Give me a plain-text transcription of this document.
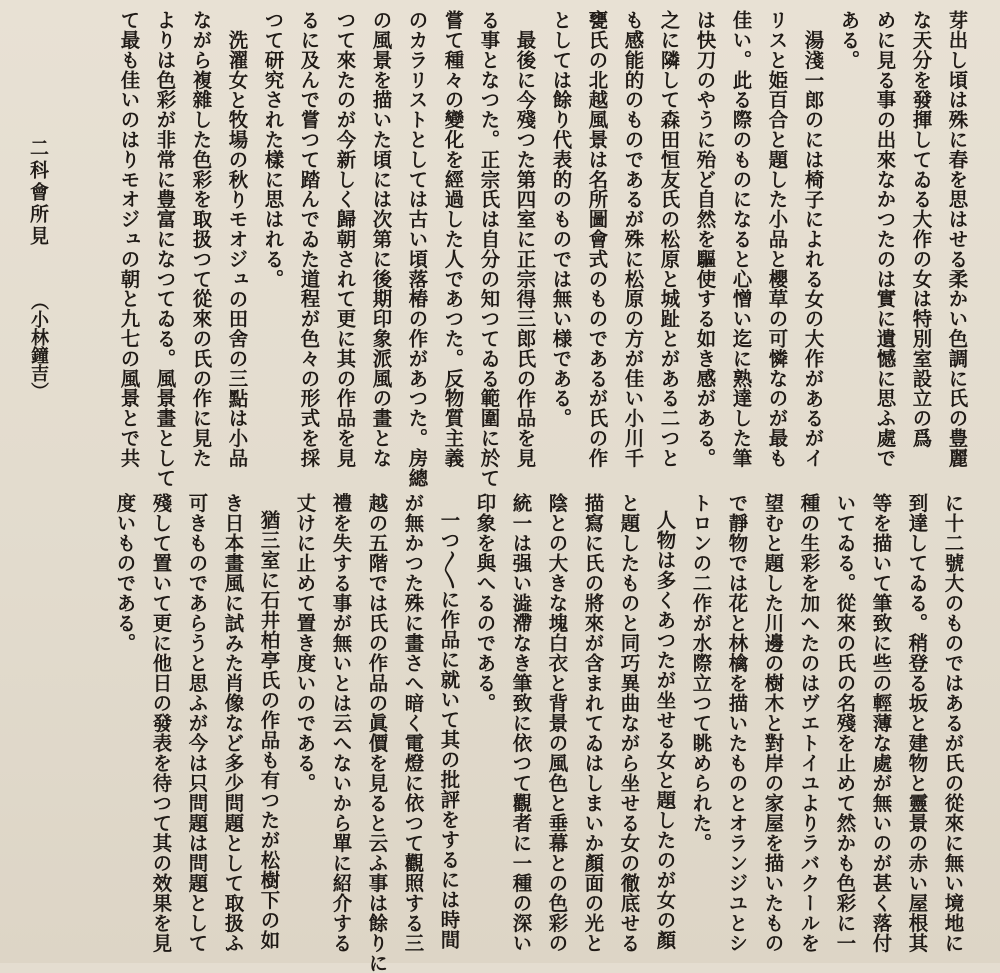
芽出し頃は殊に春を思はせる柔かい色調に氏の豊麗
な天分を發揮してゐる大作の女は特別室設立の爲
めに見る事の出來なかつたのは實に遺憾に思ふ處で
ある。
湯淺一郎のには椅子によれる女の大作があるがイ
リスと姫百合と題した小品と櫻草の可憐なのが最も
佳い。此る際のものになると心憎い迄に熟達した筆
は快刀のやうに殆ど自然を驅使する如き感がある。
之に隣して森田恒友氏の松原と城趾とがある二つと
も感能的のものであるが殊に松原の方が佳い小川千
甕氏の北越風景は名所圖會式のものであるが氏の作
としては餘り代表的のものでは無い様である。
最後に今殘つた第四室に正宗得三郎氏の作品を見
る事となつた。正宗氏は自分の知つてゐる範圍に於て
嘗て種々の變化を經過した人であつた。反物質主義
のカラリストとしては古い頃落椿の作があつた。房總
の風景を描いた頃には次第に後期印象派風の畫とな
つて來たのが今新しく歸朝されて更に其の作品を見
るに及んで嘗つて踏んでゐた道程が色々の形式を採
つて研究された樣に思はれる。
洗濯女と牧場の秋りモオジュの田舍の三點は小品
ながら複雜した色彩を取扱つて從來の氏の作に見た
よりは色彩が非常に豊富になつてゐる。風景畫として
て最も佳いのはりモオジュの朝と九七の風景とで共
二科會所見
（小林鐘吉）
に十二號大のものではあるが氏の從來に無い境地に
到達してゐる。稍登る坂と建物と靈景の赤い屋根其
等を描いて筆致に些の輕薄な處が無いのが甚く落付
いてゐる。從來の氏の名殘を止めて然かも色彩に一
種の生彩を加へたのはヴエトイユよりラバクールを
望むと題した川邊の樹木と對岸の家屋を描いたもの
で靜物では花と林檎を描いたものとオランジユとシ
トロンの二作が水際立つて眺められた。
人物は多くあつたが坐せる女と題したのが女の顏
と題したものと同巧異曲ながら坐せる女の徹底せる
描寫に氏の將來が含まれてゐはしまいか顏面の光と
陰との大きな塊白衣と背景の風色と垂幕との色彩の
統一は强い澁滯なき筆致に依つて觀者に一種の深い
印象を與へるのである。
一つ〳〵に作品に就いて其の批評をするには時間
が無かつた殊に畫さへ暗く電燈に依つて觀照する三
越の五階では氏の作品の眞價を見ると云ふ事は餘りに
禮を失する事が無いとは云へないから單に紹介する
丈けに止めて置き度いのである。
猶三室に石井柏亭氏の作品も有つたが松樹下の如
き日本畫風に試みた肖像など多少問題として取扱ふ
可きものであらうと思ふが今は只問題は問題として
殘して置いて更に他日の發表を待つて其の效果を見
度いものである。
